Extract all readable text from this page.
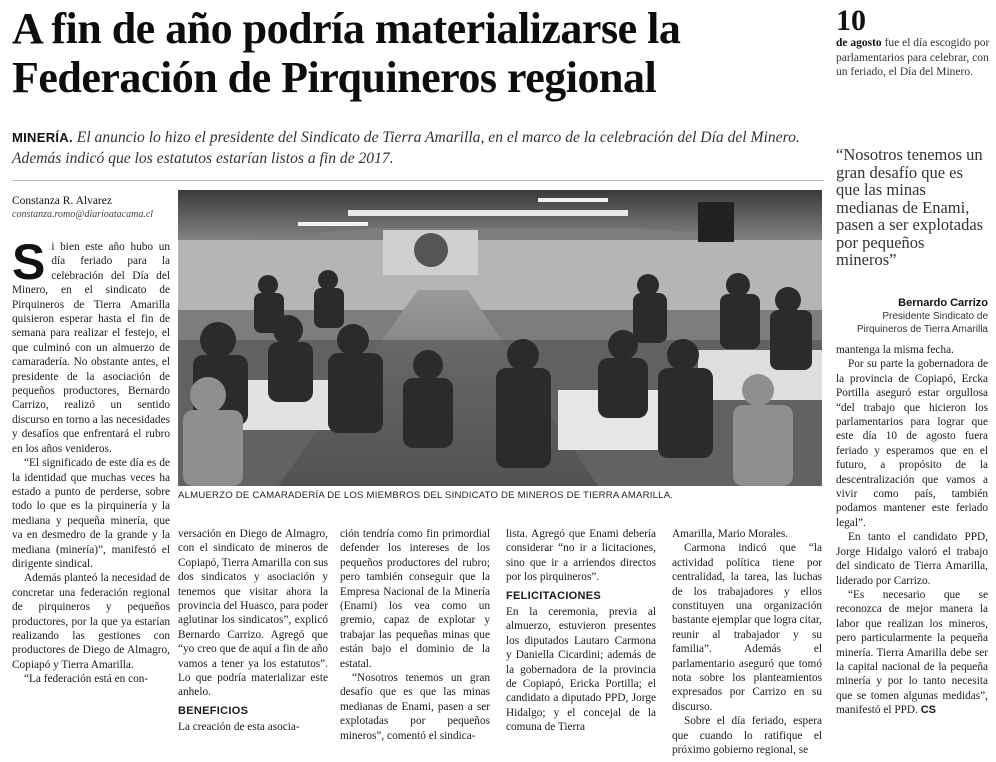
A fin de año podría materializarse la
Federación de Pirquineros regional
10
de agosto fue el día escogido por parlamentarios para celebrar, con un feriado, el Día del Minero.
MINERÍA. El anuncio lo hizo el presidente del Sindicato de Tierra Amarilla, en el marco de la celebración del Día del Minero. Además indicó que los estatutos estarían listos a fin de 2017.
Constanza R. Alvarez
constanza.romo@diarioatacama.cl
S i bien este año hubo un día feriado para la celebración del Día del Minero, en el sindicato de Pirquineros de Tierra Amarilla quisieron esperar hasta el fin de semana para realizar el festejo, el que culminó con un almuerzo de camaradería. No obstante antes, el presidente de la asociación de pequeños productores, Bernardo Carrizo, realizó un sentido discurso en torno a las necesidades y desafíos que enfrentará el rubro en los años venideros.

“El significado de este día es de la identidad que muchas veces ha estado a punto de perderse, sobre todo lo que es la pirquinería y la mediana y pequeña minería, que va en desmedro de la grande y la mediana (minería)”, manifestó el dirigente sindical.

Además planteó la necesidad de concretar una federación regional de pirquineros y pequeños productores, por la que ya estarían realizando las gestiones con productores de Diego de Almagro, Copiapó y Tierra Amarilla.

“La federación está en con-

ALMUERZO DE CAMARADERÍA DE LOS MIEMBROS DEL SINDICATO DE MINEROS DE TIERRA AMARILLA.

versación en Diego de Almagro, con el sindicato de mineros de Copiapó, Tierra Amarilla con sus dos sindicatos y asociación y tenemos que visitar ahora la provincia del Huasco, para poder aglutinar los sindicatos”, explicó Bernardo Carrizo. Agregó que “yo creo que de aquí a fin de año vamos a tener ya los estatutos”. Lo que podría materializar este anhelo.

BENEFICIOS

La creación de esta asocia-

ción tendría como fin primordial defender los intereses de los pequeños productores del rubro; pero también conseguir que la Empresa Nacional de la Minería (Enami) los vea como un gremio, capaz de explotar y trabajar las pequeñas minas que están bajo el dominio de la estatal.

“Nosotros tenemos un gran desafío que es que las minas medianas de Enami, pasen a ser explotadas por pequeños mineros”, comentó el sindica-

lista. Agregó que Enami debería considerar “no ir a licitaciones, sino que ir a arriendos directos por los pirquineros”.

FELICITACIONES

En la ceremonia, previa al almuerzo, estuvieron presentes los diputados Lautaro Carmona y Daniella Cicardini; además de la gobernadora de la provincia de Copiapó, Ericka Portilla; el candidato a diputado PPD, Jorge Hidalgo; y el concejal de la comuna de Tierra

Amarilla, Mario Morales.

Carmona indicó que “la actividad política tiene por centralidad, la tarea, las luchas de los trabajadores y ellos constituyen una organización bastante ejemplar que logra citar, reunir al trabajador y su familia”. Además el parlamentario aseguró que tomó nota sobre los planteamientos expresados por Carrizo en su discurso.

Sobre el día feriado, espera que cuando lo ratifique el próximo gobierno regional, se

“Nosotros tenemos un gran desafío que es que las minas medianas de Enami, pasen a ser explotadas por pequeños mineros”
Bernardo Carrizo
Presidente Sindicato de Pirquineros de Tierra Amarilla

mantenga la misma fecha.

Por su parte la gobernadora de la provincia de Copiapó, Ercka Portilla aseguró estar orgullosa “del trabajo que hicieron los parlamentarios para lograr que este día 10 de agosto fuera feriado y esperamos que en el futuro, a propósito de la descentralización que vamos a vivir como país, también podamos mantener este feriado legal”.

En tanto el candidato PPD, Jorge Hidalgo valoró el trabajo del sindicato de Tierra Amarilla, liderado por Carrizo.

“Es necesario que se reconozca de mejor manera la labor que realizan los mineros, pero particularmente la pequeña minería. Tierra Amarilla debe ser la capital nacional de la pequeña minería y por lo tanto necesita que se tomen algunas medidas”, manifestó el PPD. CS
